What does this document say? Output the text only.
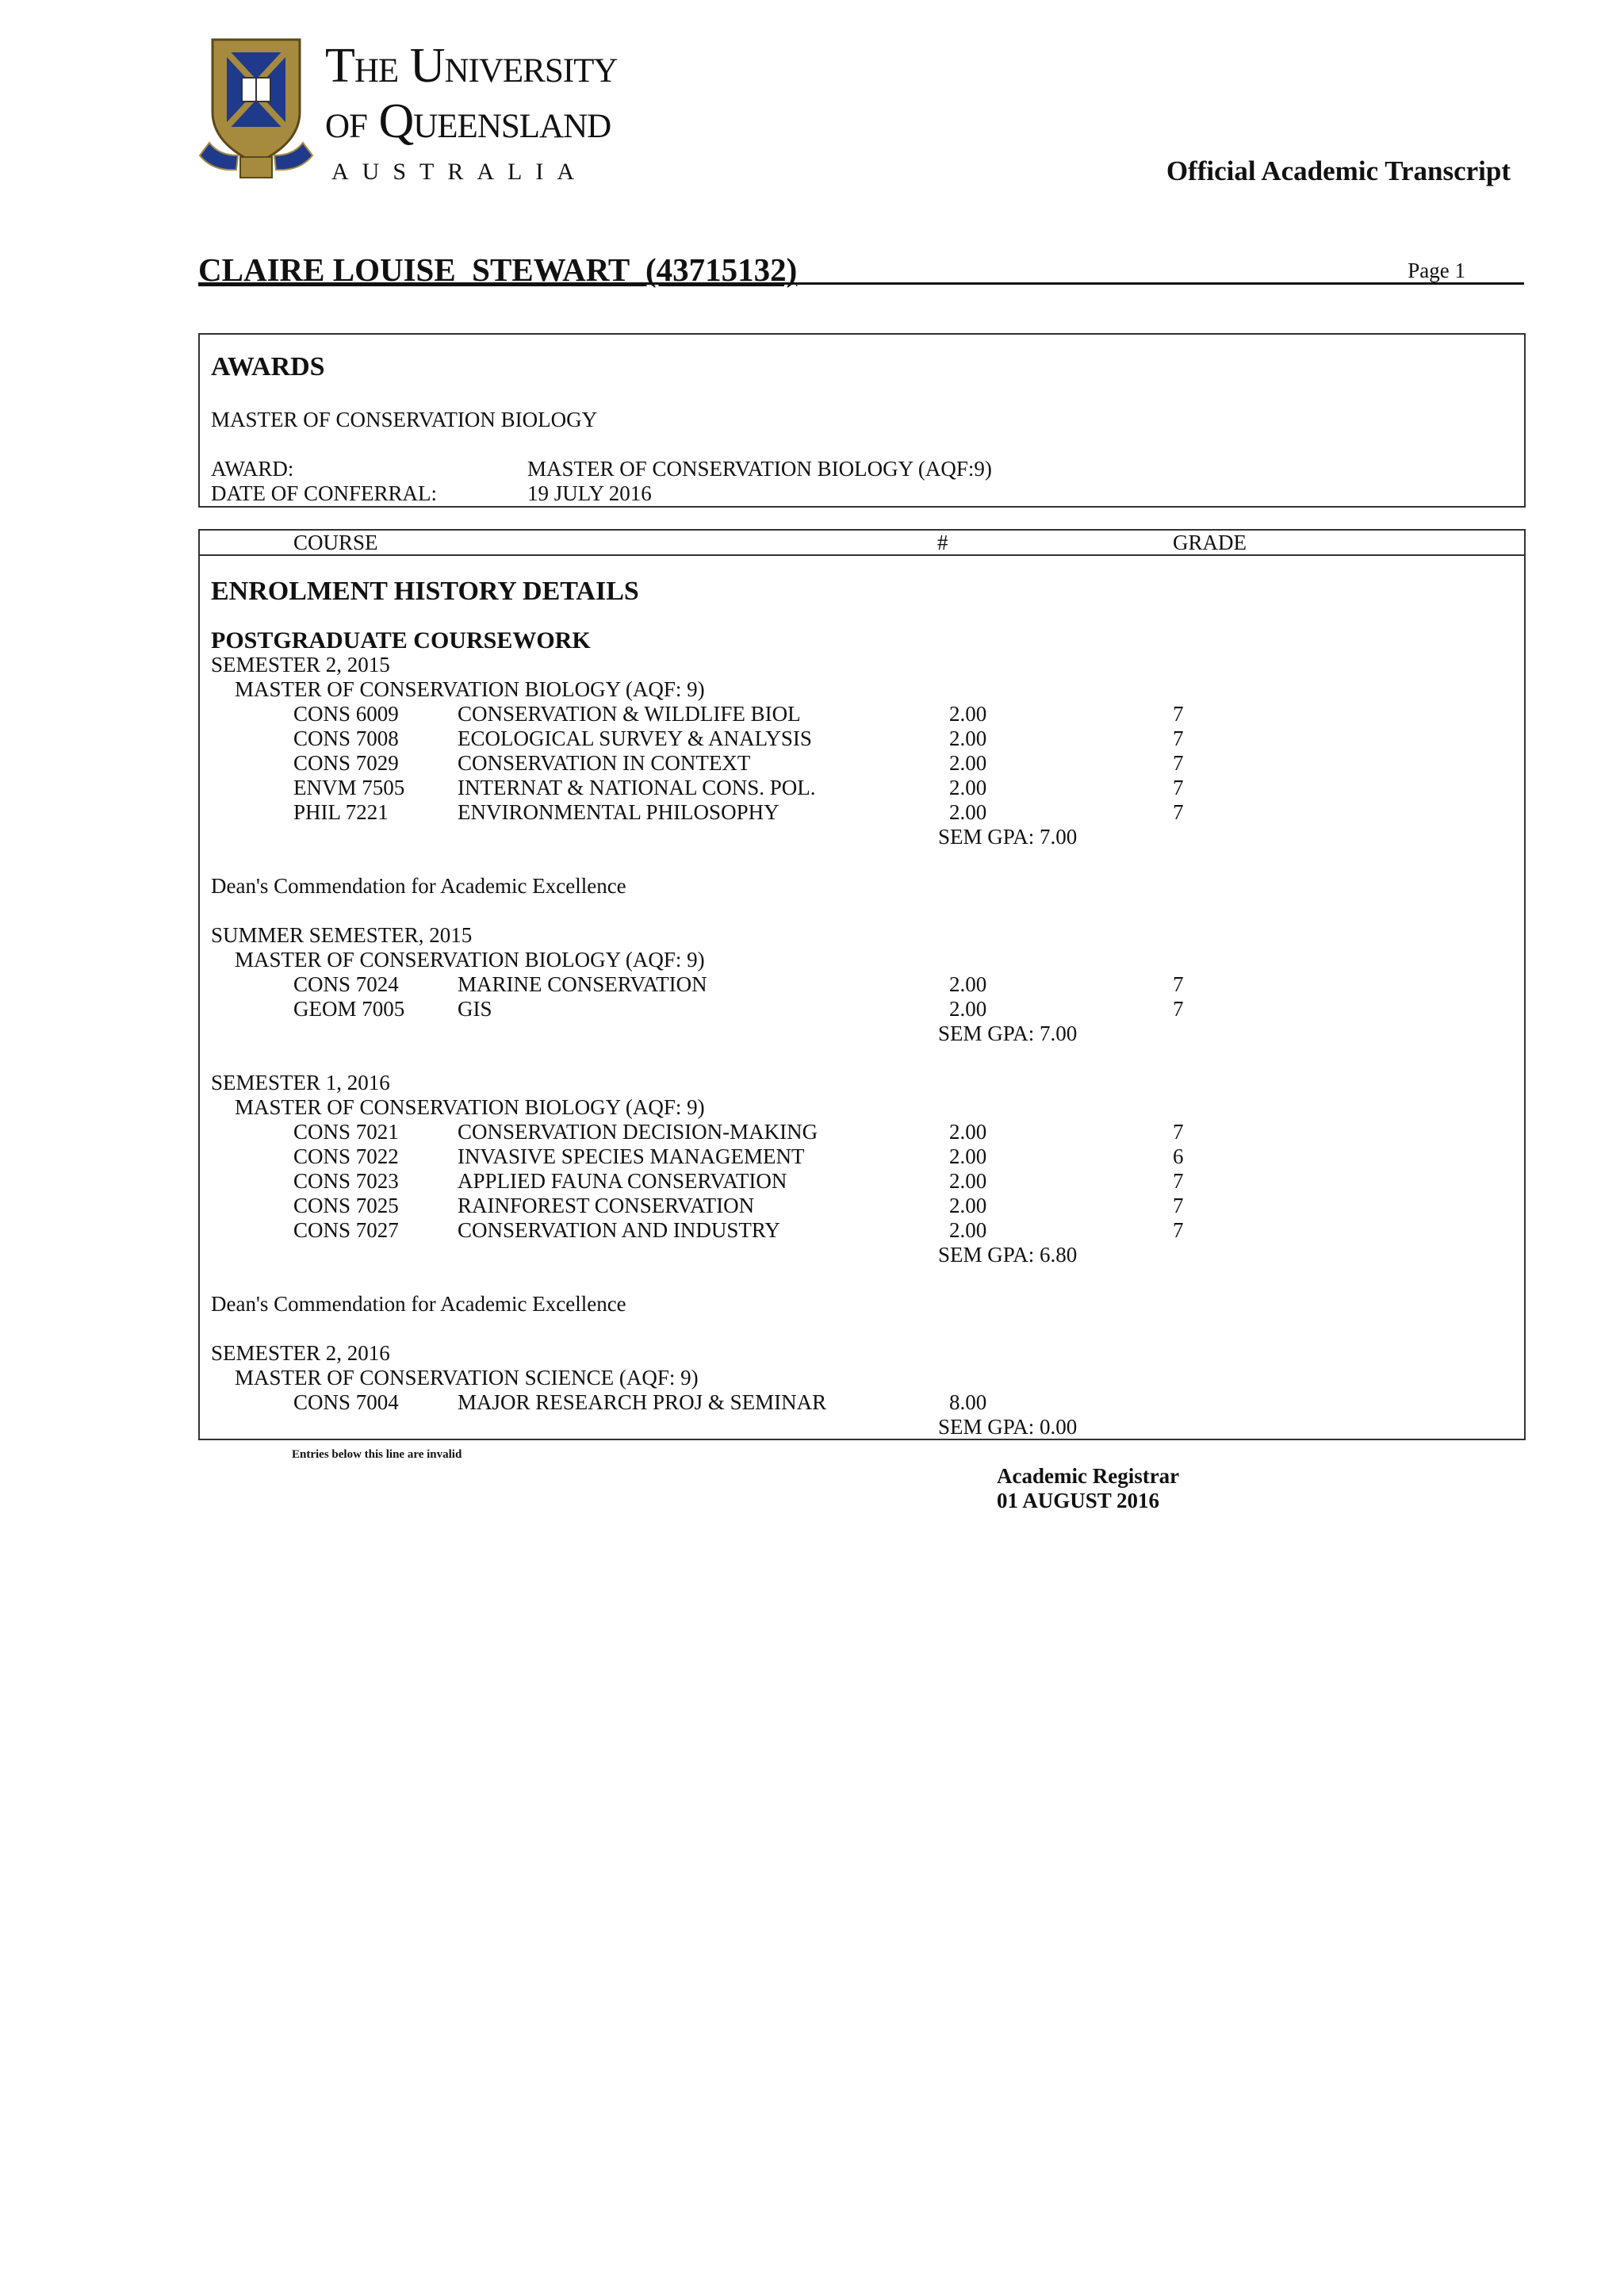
The University
of Queensland
AUSTRALIA	Official Academic Transcript
CLAIRE LOUISE  STEWART  (43715132)	Page 1
AWARDS
MASTER OF CONSERVATION BIOLOGY
AWARD:	MASTER OF CONSERVATION BIOLOGY (AQF:9)
DATE OF CONFERRAL:	19 JULY 2016
COURSE	#	GRADE
ENROLMENT HISTORY DETAILS
POSTGRADUATE COURSEWORK
SEMESTER 2, 2015
MASTER OF CONSERVATION BIOLOGY (AQF: 9)
CONS 6009	CONSERVATION & WILDLIFE BIOL	2.00	7
CONS 7008	ECOLOGICAL SURVEY & ANALYSIS	2.00	7
CONS 7029	CONSERVATION IN CONTEXT	2.00	7
ENVM 7505 INTERNAT & NATIONAL CONS. POL.	2.00	7
PHIL 7221	ENVIRONMENTAL PHILOSOPHY	2.00	7
SEM GPA: 7.00
Dean's Commendation for Academic Excellence
SUMMER SEMESTER, 2015
MASTER OF CONSERVATION BIOLOGY (AQF: 9)
CONS 7024	MARINE CONSERVATION	2.00	7
GEOM 7005 GIS	2.00	7
SEM GPA: 7.00
SEMESTER 1, 2016
MASTER OF CONSERVATION BIOLOGY (AQF: 9)
CONS 7021	CONSERVATION DECISION-MAKING	2.00	7
CONS 7022	INVASIVE SPECIES MANAGEMENT	2.00	6
CONS 7023	APPLIED FAUNA CONSERVATION	2.00	7
CONS 7025	RAINFOREST CONSERVATION	2.00	7
CONS 7027	CONSERVATION AND INDUSTRY	2.00	7
SEM GPA: 6.80
Dean's Commendation for Academic Excellence
SEMESTER 2, 2016
MASTER OF CONSERVATION SCIENCE (AQF: 9)
CONS 7004	MAJOR RESEARCH PROJ & SEMINAR	8.00
SEM GPA: 0.00
Entries below this line are invalid
Academic Registrar
01 AUGUST 2016
